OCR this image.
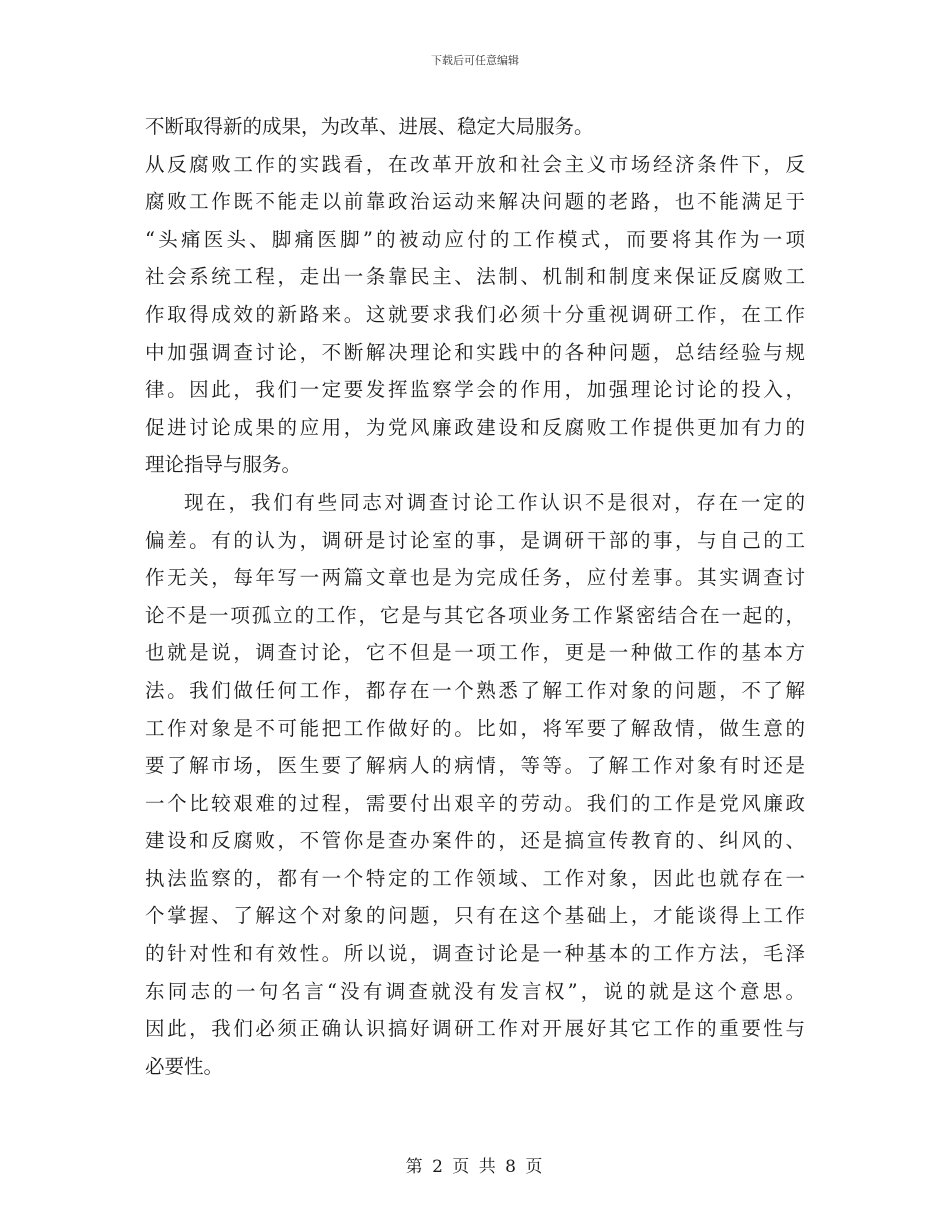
下载后可任意编辑
不断取得新的成果，为改革、进展、稳定大局服务。
从反腐败工作的实践看，在改革开放和社会主义市场经济条件下，反
腐败工作既不能走以前靠政治运动来解决问题的老路，也不能满足于
“头痛医头、脚痛医脚”的被动应付的工作模式，而要将其作为一项
社会系统工程，走出一条靠民主、法制、机制和制度来保证反腐败工
作取得成效的新路来。这就要求我们必须十分重视调研工作，在工作
中加强调查讨论，不断解决理论和实践中的各种问题，总结经验与规
律。因此，我们一定要发挥监察学会的作用，加强理论讨论的投入，
促进讨论成果的应用，为党风廉政建设和反腐败工作提供更加有力的
理论指导与服务。
现在，我们有些同志对调查讨论工作认识不是很对，存在一定的
偏差。有的认为，调研是讨论室的事，是调研干部的事，与自己的工
作无关，每年写一两篇文章也是为完成任务，应付差事。其实调查讨
论不是一项孤立的工作，它是与其它各项业务工作紧密结合在一起的，
也就是说，调查讨论，它不但是一项工作，更是一种做工作的基本方
法。我们做任何工作，都存在一个熟悉了解工作对象的问题，不了解
工作对象是不可能把工作做好的。比如，将军要了解敌情，做生意的
要了解市场，医生要了解病人的病情，等等。了解工作对象有时还是
一个比较艰难的过程，需要付出艰辛的劳动。我们的工作是党风廉政
建设和反腐败，不管你是查办案件的，还是搞宣传教育的、纠风的、
执法监察的，都有一个特定的工作领域、工作对象，因此也就存在一
个掌握、了解这个对象的问题，只有在这个基础上，才能谈得上工作
的针对性和有效性。所以说，调查讨论是一种基本的工作方法，毛泽
东同志的一句名言“没有调查就没有发言权”，说的就是这个意思。
因此，我们必须正确认识搞好调研工作对开展好其它工作的重要性与
必要性。
第 2 页 共 8 页
